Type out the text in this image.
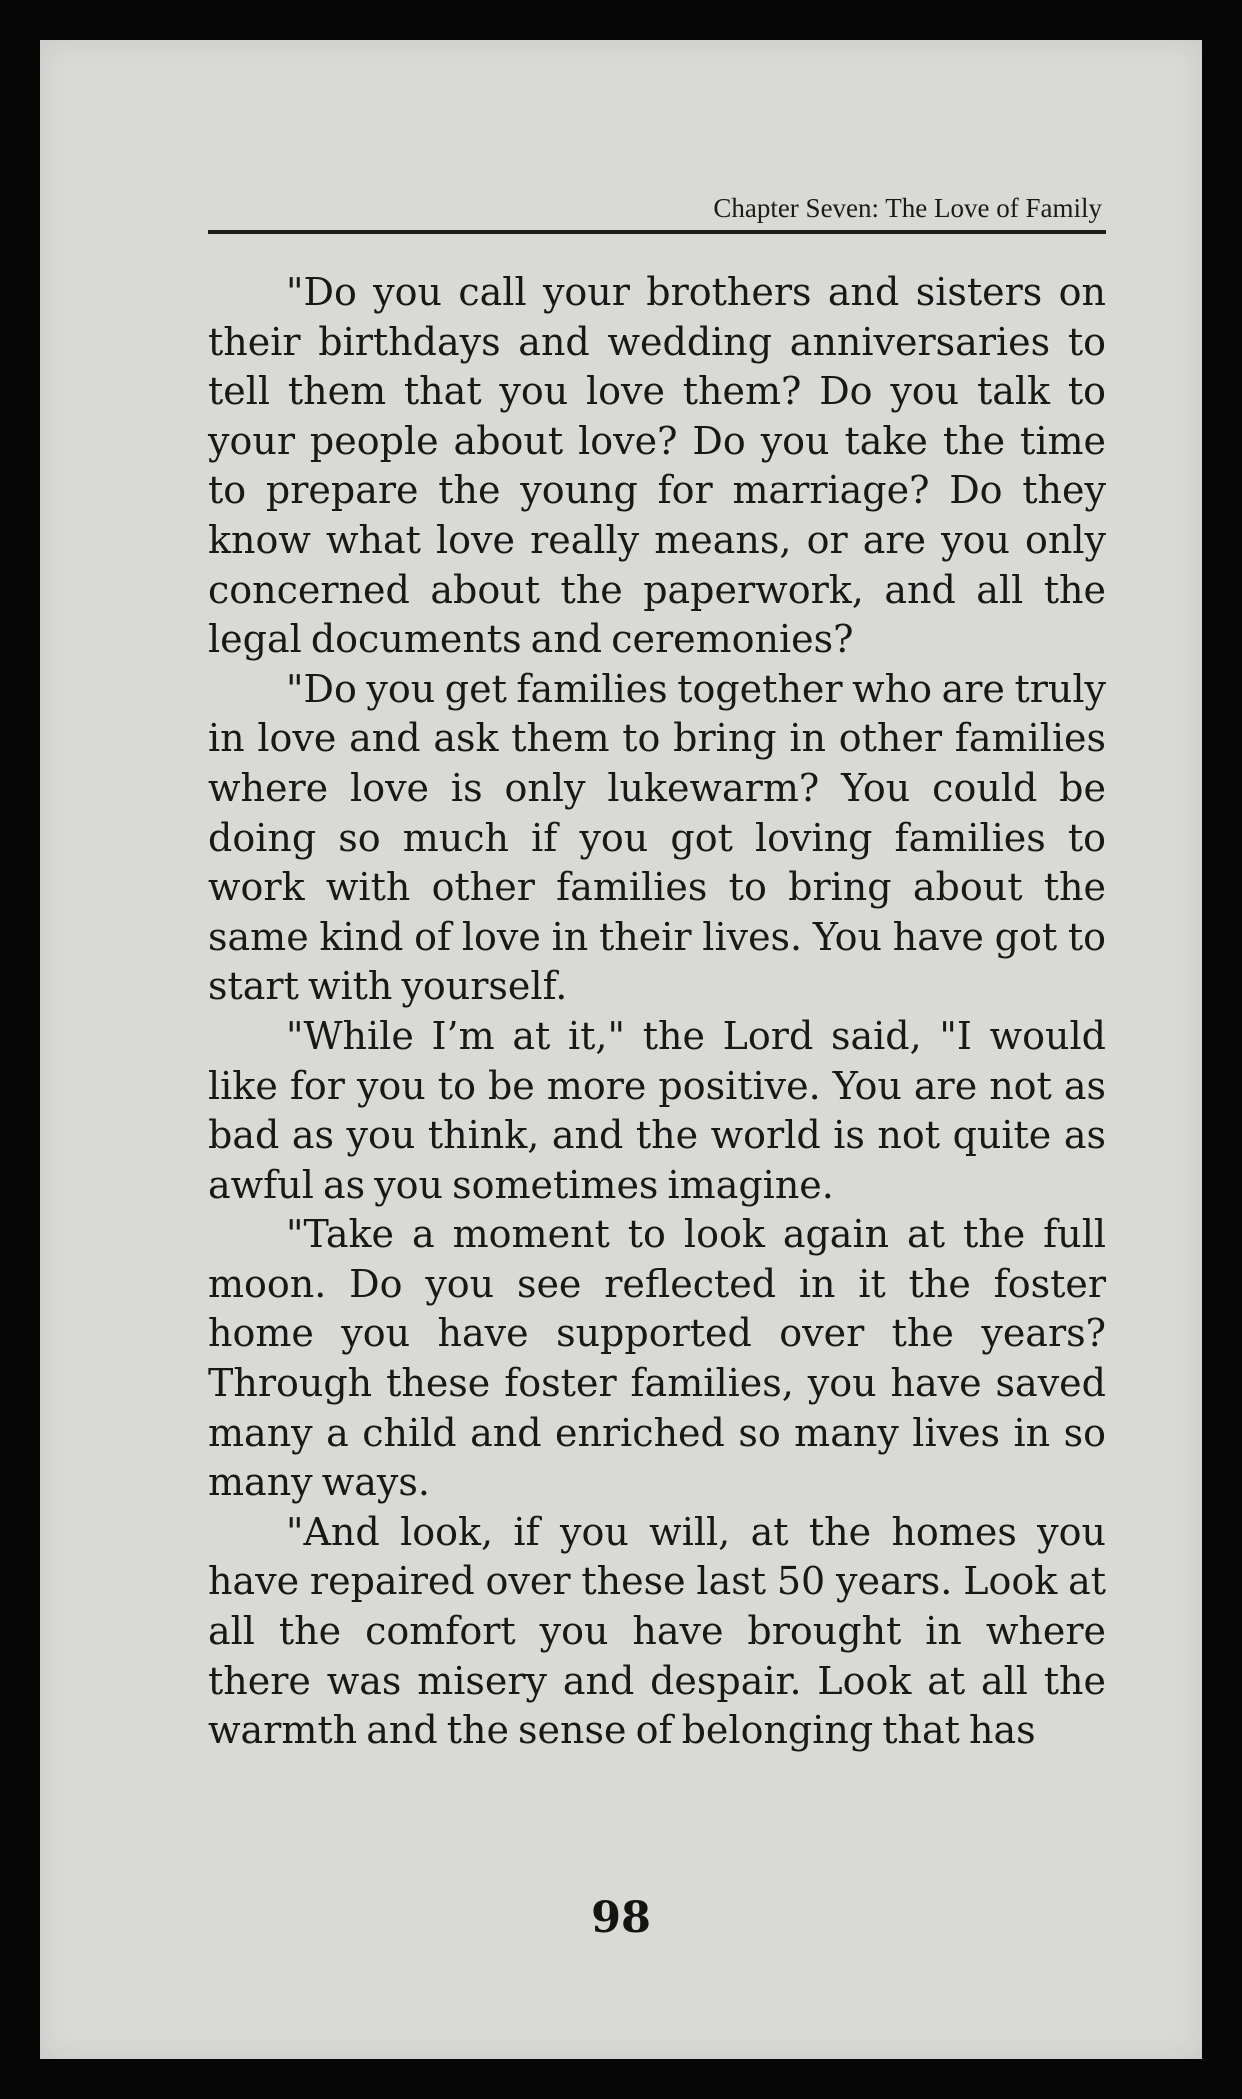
Chapter Seven: The Love of Family

"Do you call your brothers and sisters on their birthdays and wedding anniversaries to tell them that you love them? Do you talk to your people about love? Do you take the time to prepare the young for marriage? Do they know what love really means, or are you only concerned about the paperwork, and all the legal documents and ceremonies?

"Do you get families together who are truly in love and ask them to bring in other families where love is only lukewarm? You could be doing so much if you got loving families to work with other families to bring about the same kind of love in their lives. You have got to start with yourself.

"While I’m at it," the Lord said, "I would like for you to be more positive. You are not as bad as you think, and the world is not quite as awful as you sometimes imagine.

"Take a moment to look again at the full moon. Do you see reflected in it the foster home you have supported over the years? Through these foster families, you have saved many a child and enriched so many lives in so many ways.

"And look, if you will, at the homes you have repaired over these last 50 years. Look at all the comfort you have brought in where there was misery and despair. Look at all the warmth and the sense of belonging that has

98
